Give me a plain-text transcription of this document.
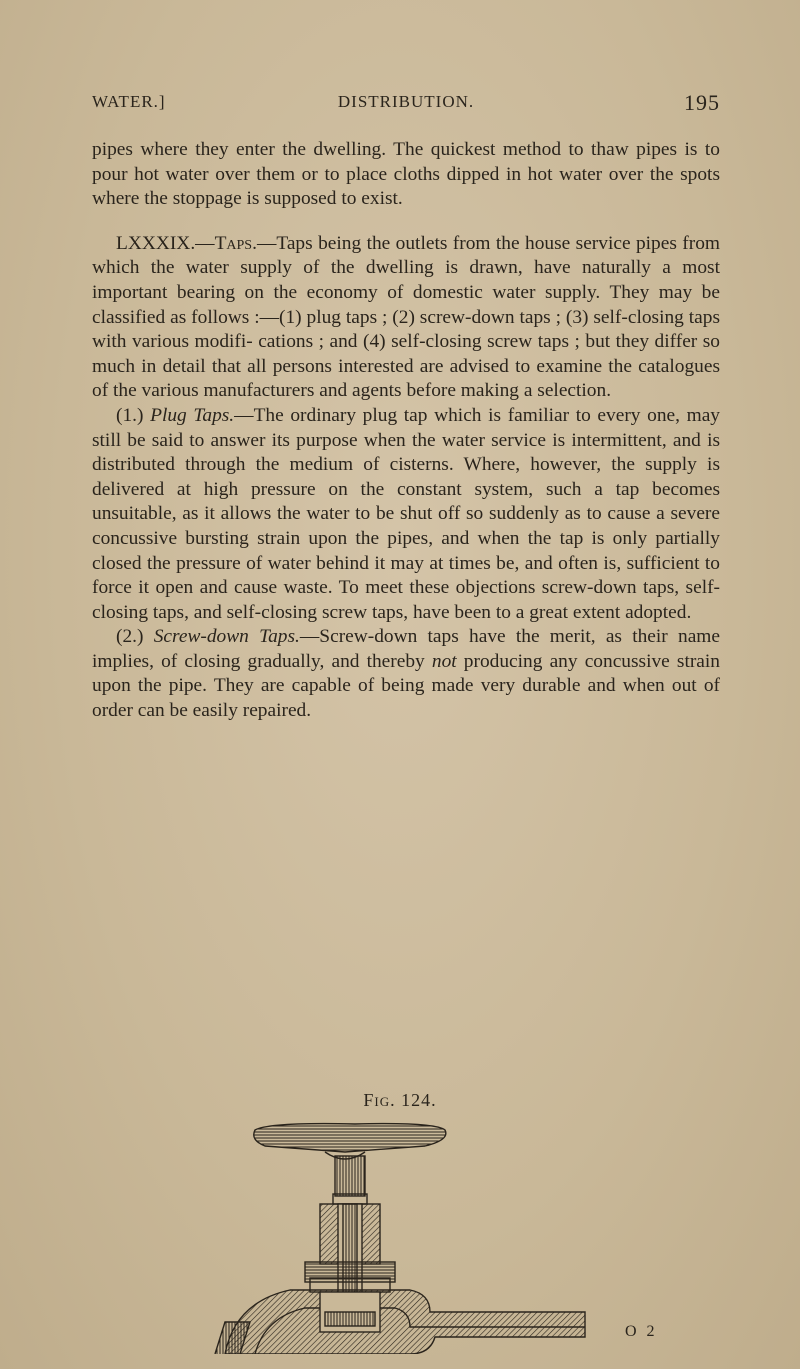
WATER.]	DISTRIBUTION.	195

pipes where they enter the dwelling. The quickest method to thaw pipes is to pour hot water over them or to place cloths dipped in hot water over the spots where the stoppage is supposed to exist.

LXXXIX.—Taps.—Taps being the outlets from the house service pipes from which the water supply of the dwelling is drawn, have naturally a most important bearing on the economy of domestic water supply. They may be classified as follows :—(1) plug taps ; (2) screw-down taps ; (3) self-closing taps with various modifi- cations ; and (4) self-closing screw taps ; but they differ so much in detail that all persons interested are advised to examine the catalogues of the various manufacturers and agents before making a selection.

(1.) Plug Taps.—The ordinary plug tap which is familiar to every one, may still be said to answer its purpose when the water service is intermittent, and is distributed through the medium of cisterns. Where, however, the supply is delivered at high pressure on the constant system, such a tap becomes unsuitable, as it allows the water to be shut off so suddenly as to cause a severe concussive bursting strain upon the pipes, and when the tap is only partially closed the pressure of water behind it may at times be, and often is, sufficient to force it open and cause waste. To meet these objections screw-down taps, self-closing taps, and self-closing screw taps, have been to a great extent adopted.

(2.) Screw-down Taps.—Screw-down taps have the merit, as their name implies, of closing gradually, and thereby not producing any concussive strain upon the pipe. They are capable of being made very durable and when out of order can be easily repaired.

Fig. 124.
O 2
